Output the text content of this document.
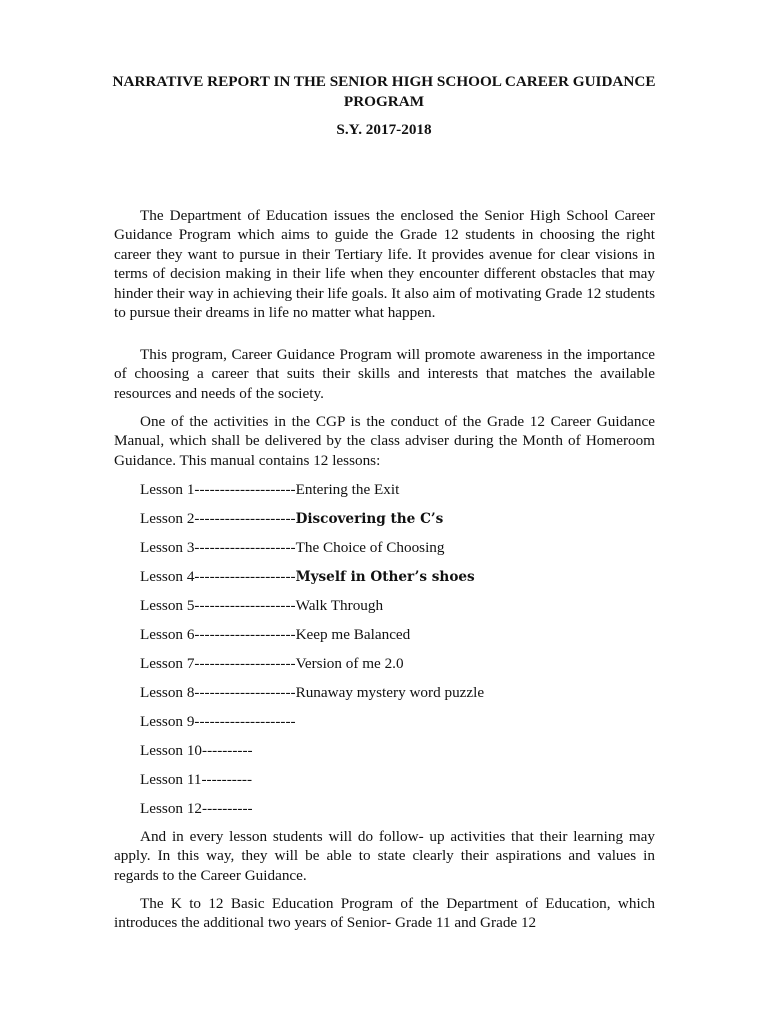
NARRATIVE REPORT IN THE SENIOR HIGH SCHOOL CAREER GUIDANCE PROGRAM
S.Y. 2017-2018

The Department of Education issues the enclosed the Senior High School Career Guidance Program which aims to guide the Grade 12 students in choosing the right career they want to pursue in their Tertiary life. It provides avenue for clear visions in terms of decision making in their life when they encounter different obstacles that may hinder their way in achieving their life goals. It also aim of motivating Grade 12 students to pursue their dreams in life no matter what happen.

This program, Career Guidance Program will promote awareness in the importance of choosing a career that suits their skills and interests that matches the available resources and needs of the society.

One of the activities in the CGP is the conduct of the Grade 12 Career Guidance Manual, which shall be delivered by the class adviser during the Month of Homeroom Guidance. This manual contains 12 lessons:

Lesson 1--------------------Entering the Exit
Lesson 2--------------------Discovering the C’s
Lesson 3--------------------The Choice of Choosing
Lesson 4--------------------Myself in Other’s shoes
Lesson 5--------------------Walk Through
Lesson 6--------------------Keep me Balanced
Lesson 7--------------------Version of me 2.0
Lesson 8--------------------Runaway mystery word puzzle
Lesson 9--------------------
Lesson 10----------
Lesson 11----------
Lesson 12----------

And in every lesson students will do follow- up activities that their learning may apply. In this way, they will be able to state clearly their aspirations and values in regards to the Career Guidance.

The K to 12 Basic Education Program of the Department of Education, which introduces the additional two years of Senior- Grade 11 and Grade 12
